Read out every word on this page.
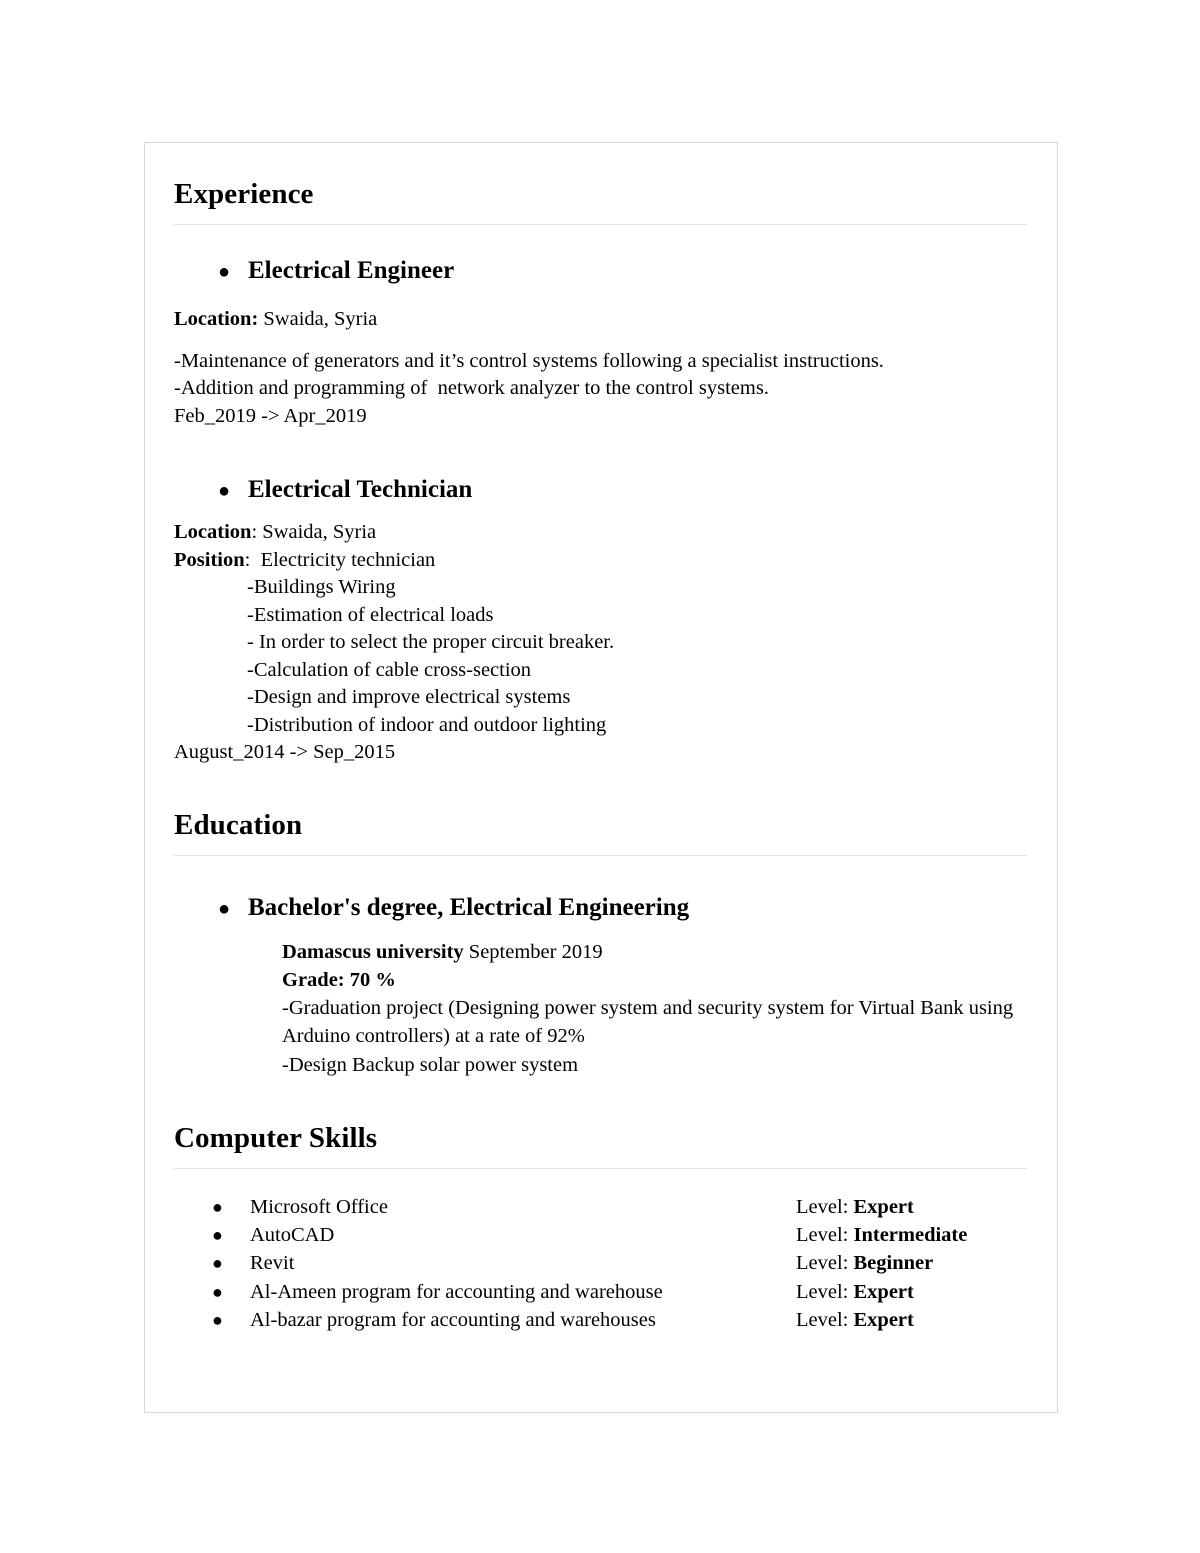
Experience
● Electrical Engineer
Location: Swaida, Syria
-Maintenance of generators and it’s control systems following a specialist instructions.
-Addition and programming of  network analyzer to the control systems.
Feb_2019 -> Apr_2019
● Electrical Technician
Location: Swaida, Syria
Position:  Electricity technician
-Buildings Wiring
-Estimation of electrical loads
- In order to select the proper circuit breaker.
-Calculation of cable cross-section
-Design and improve electrical systems
-Distribution of indoor and outdoor lighting
August_2014 -> Sep_2015
Education
● Bachelor's degree, Electrical Engineering
Damascus university September 2019
Grade: 70 %
-Graduation project (Designing power system and security system for Virtual Bank using Arduino controllers) at a rate of 92%
-Design Backup solar power system
Computer Skills
●	Microsoft Office	Level: Expert
●	AutoCAD	Level: Intermediate
●	Revit	Level: Beginner
●	Al-Ameen program for accounting and warehouse	Level: Expert
●	Al-bazar program for accounting and warehouses	Level: Expert
